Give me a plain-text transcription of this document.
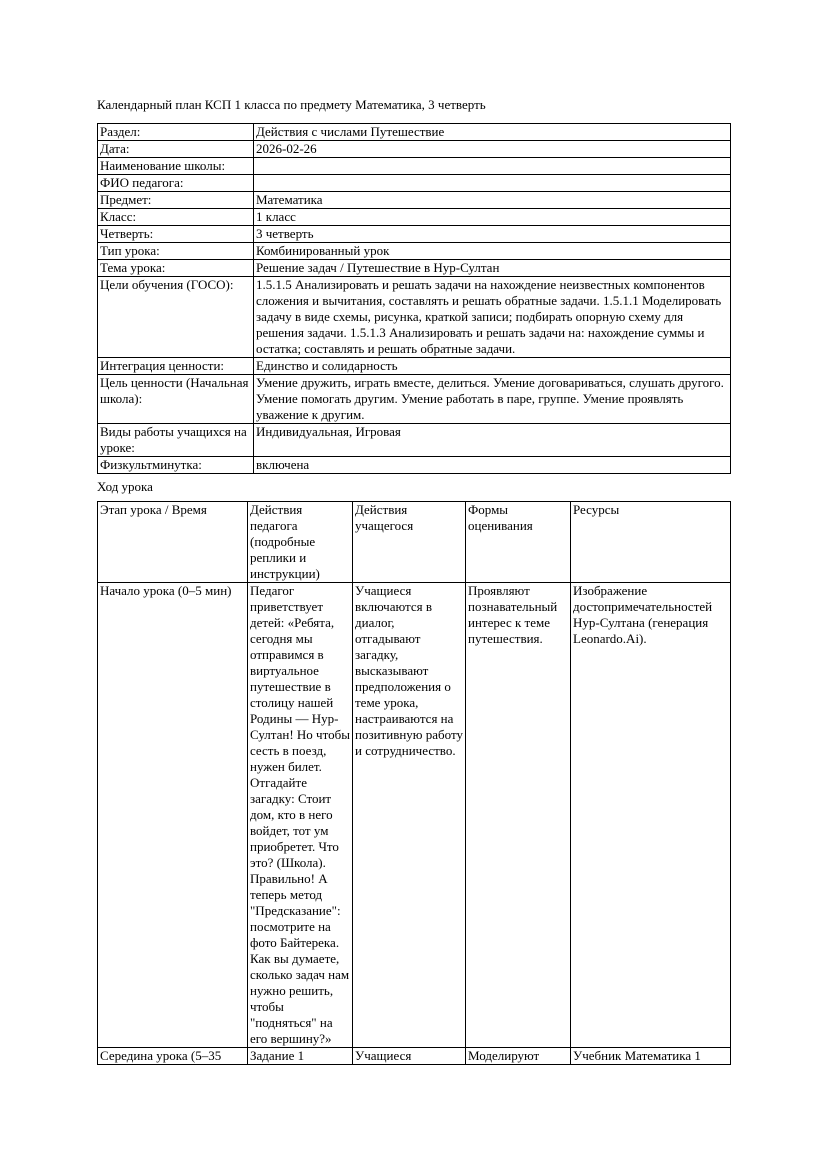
Календарный план КСП 1 класса по предмету Математика, 3 четверть

Раздел:	Действия с числами Путешествие
Дата:	2026-02-26
Наименование школы:	
ФИО педагога:	
Предмет:	Математика
Класс:	1 класс
Четверть:	3 четверть
Тип урока:	Комбинированный урок
Тема урока:	Решение задач / Путешествие в Нур-Султан
Цели обучения (ГОСО):	1.5.1.5 Анализировать и решать задачи на нахождение неизвестных компонентов сложения и вычитания, составлять и решать обратные задачи. 1.5.1.1 Моделировать задачу в виде схемы, рисунка, краткой записи; подбирать опорную схему для решения задачи. 1.5.1.3 Анализировать и решать задачи на: нахождение суммы и остатка; составлять и решать обратные задачи.
Интеграция ценности:	Единство и солидарность
Цель ценности (Начальная школа):	Умение дружить, играть вместе, делиться. Умение договариваться, слушать другого. Умение помогать другим. Умение работать в паре, группе. Умение проявлять уважение к другим.
Виды работы учащихся на уроке:	Индивидуальная, Игровая
Физкультминутка:	включена

Ход урока

Этап урока / Время	Действия педагога (подробные реплики и инструкции)	Действия учащегося	Формы оценивания	Ресурсы
Начало урока (0–5 мин)	Педагог приветствует детей: «Ребята, сегодня мы отправимся в виртуальное путешествие в столицу нашей Родины — Нур-Султан! Но чтобы сесть в поезд, нужен билет. Отгадайте загадку: Стоит дом, кто в него войдет, тот ум приобретет. Что это? (Школа). Правильно! А теперь метод "Предсказание": посмотрите на фото Байтерека. Как вы думаете, сколько задач нам нужно решить, чтобы "подняться" на его вершину?»	Учащиеся включаются в диалог, отгадывают загадку, высказывают предположения о теме урока, настраиваются на позитивную работу и сотрудничество.	Проявляют познавательный интерес к теме путешествия.	Изображение достопримечательностей Нур-Султана (генерация Leonardo.Ai).
Середина урока (5–35	Задание 1	Учащиеся	Моделируют	Учебник Математика 1
